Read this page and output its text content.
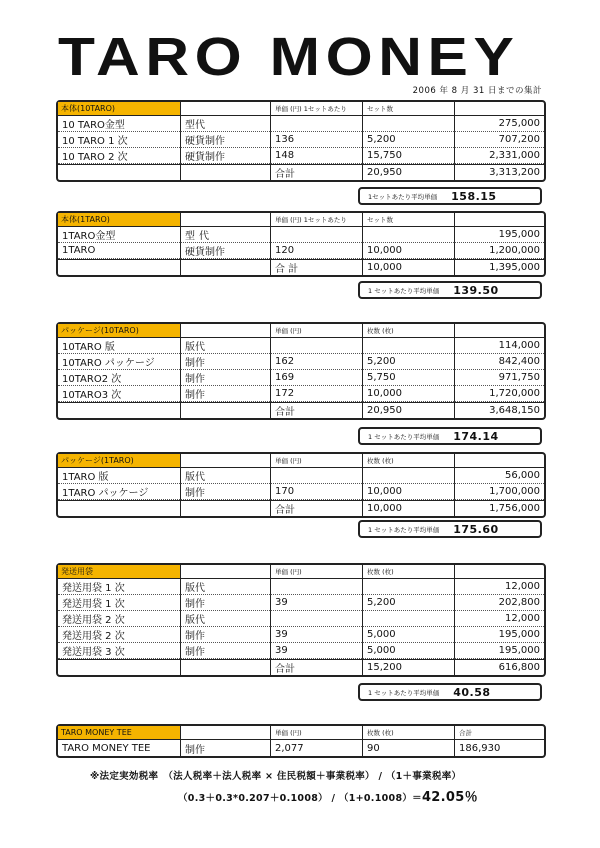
TARO MONEY
2006 年 8 月 31 日までの集計
本体(10TARO)		単価 (円) 1セットあたり	セット数	
10 TARO金型	型代			275,000
10 TARO 1 次	硬貨制作	136	5,200	707,200
10 TARO 2 次	硬貨制作	148	15,750	2,331,000
		合計	20,950	3,313,200
1セットあたり平均単価 158.15
本体(1TARO)		単価 (円) 1セットあたり	セット数	
1TARO金型	型 代			195,000
1TARO	硬貨制作	120	10,000	1,200,000
		合 計	10,000	1,395,000
1 セットあたり平均単価 139.50
パッケージ(10TARO)		単価 (円)	枚数 (枚)	
10TARO 版	版代			114,000
10TARO パッケージ	制作	162	5,200	842,400
10TARO2 次	制作	169	5,750	971,750
10TARO3 次	制作	172	10,000	1,720,000
		合計	20,950	3,648,150
1 セットあたり平均単価 174.14
パッケージ(1TARO)		単価 (円)	枚数 (枚)	
1TARO 版	版代			56,000
1TARO パッケージ	制作	170	10,000	1,700,000
		合計	10,000	1,756,000
1 セットあたり平均単価 175.60
発送用袋		単価 (円)	枚数 (枚)	
発送用袋 1 次	版代			12,000
発送用袋 1 次	制作	39	5,200	202,800
発送用袋 2 次	版代			12,000
発送用袋 2 次	制作	39	5,000	195,000
発送用袋 3 次	制作	39	5,000	195,000
		合計	15,200	616,800
1 セットあたり平均単価 40.58
TARO MONEY TEE		単価 (円)	枚数 (枚)	合計
TARO MONEY TEE	制作	2,077	90	186,930
※法定実効税率　（法人税率＋法人税率 × 住民税額＋事業税率） / （1＋事業税率）
（0.3＋0.3*0.207＋0.1008） / （1+0.1008）＝42.05％
